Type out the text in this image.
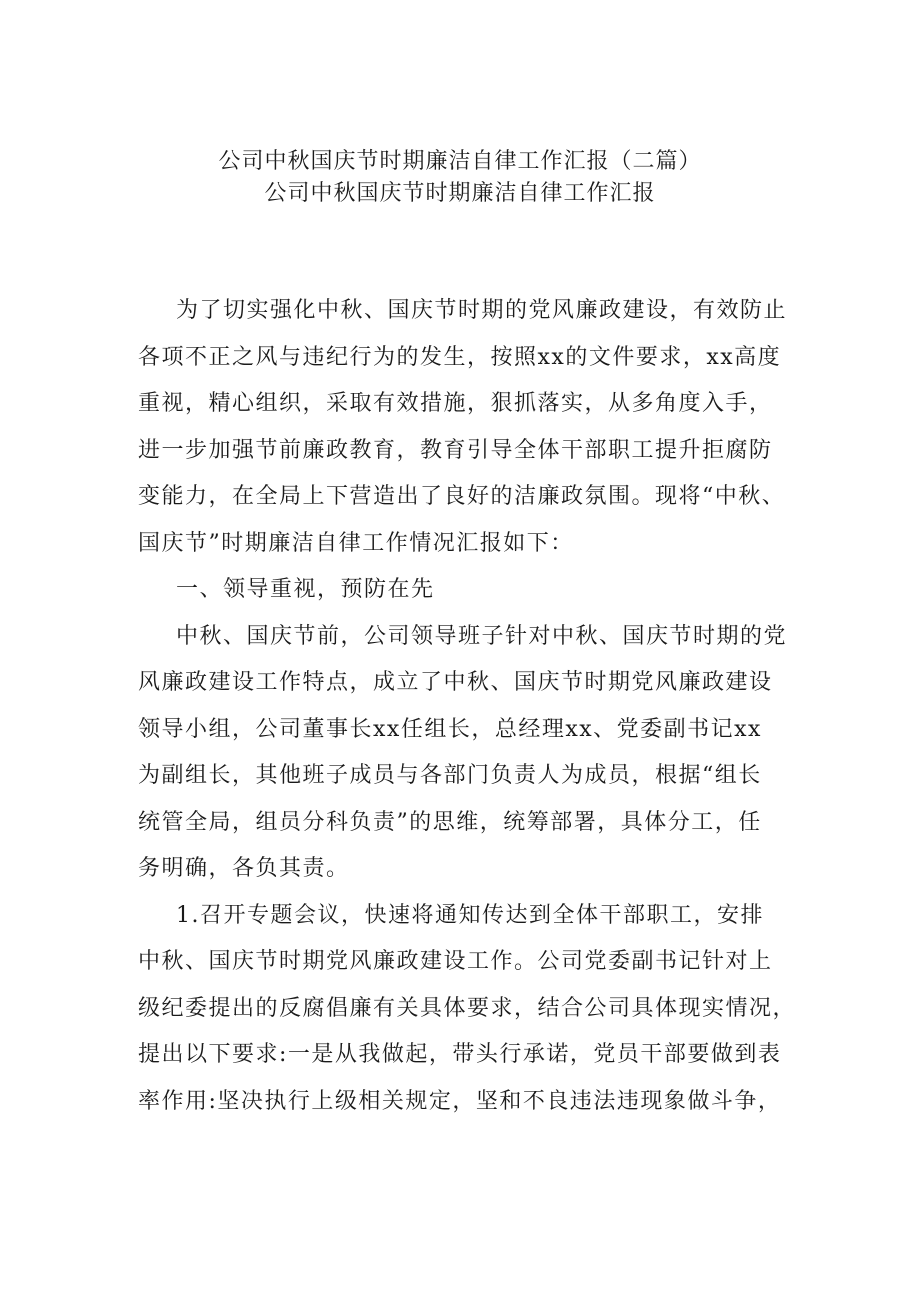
公司中秋国庆节时期廉洁自律工作汇报（二篇）
公司中秋国庆节时期廉洁自律工作汇报

为了切实强化中秋、国庆节时期的党风廉政建设，有效防止
各项不正之风与违纪行为的发生，按照xx的文件要求，xx高度
重视，精心组织，采取有效措施，狠抓落实，从多角度入手，
进一步加强节前廉政教育，教育引导全体干部职工提升拒腐防
变能力，在全局上下营造出了良好的洁廉政氛围。现将“中秋、
国庆节”时期廉洁自律工作情况汇报如下：

一、领导重视，预防在先

中秋、国庆节前，公司领导班子针对中秋、国庆节时期的党
风廉政建设工作特点，成立了中秋、国庆节时期党风廉政建设
领导小组，公司董事长xx任组长，总经理xx、党委副书记xx
为副组长，其他班子成员与各部门负责人为成员，根据“组长
统管全局，组员分科负责”的思维，统筹部署，具体分工，任
务明确，各负其责。

1.召开专题会议，快速将通知传达到全体干部职工，安排
中秋、国庆节时期党风廉政建设工作。公司党委副书记针对上
级纪委提出的反腐倡廉有关具体要求，结合公司具体现实情况，
提出以下要求:一是从我做起，带头行承诺，党员干部要做到表
率作用:坚决执行上级相关规定，坚和不良违法违现象做斗争，
